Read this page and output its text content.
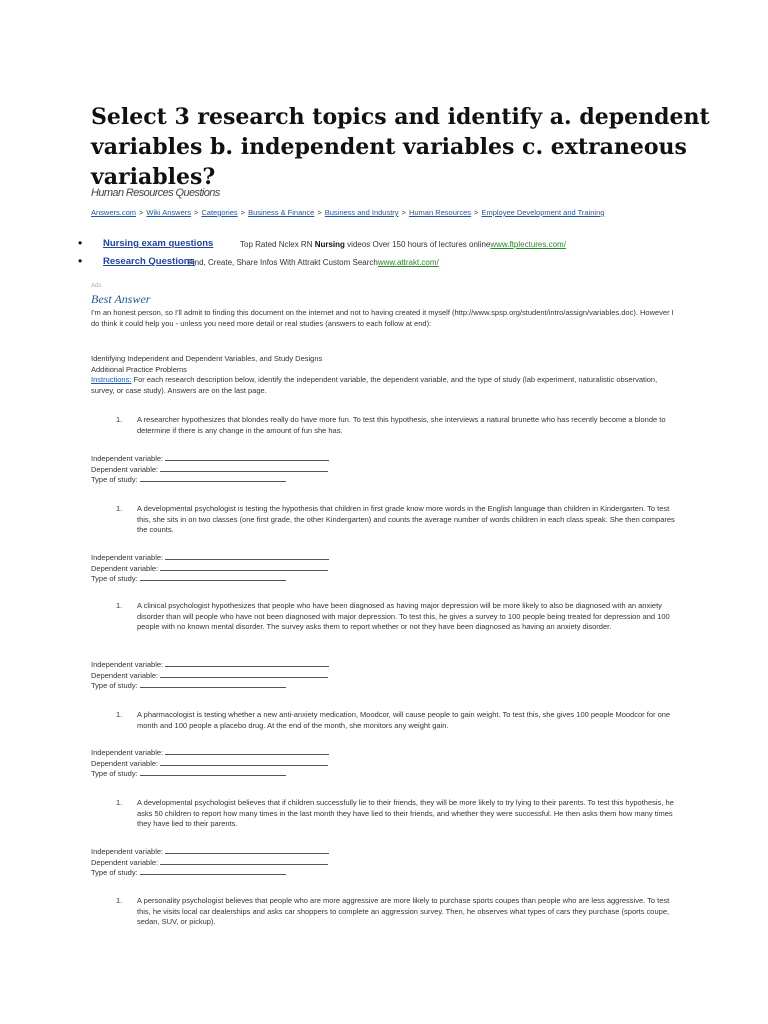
Select 3 research topics and identify a. dependent variables b. independent variables c. extraneous variables?
Human Resources Questions
Answers.com > Wiki Answers > Categories > Business & Finance > Business and Industry > Human Resources > Employee Development and Training
• Nursing exam questions	Top Rated Nclex RN Nursing videos Over 150 hours of lectures onlinewww.ftplectures.com/
• Research Questions
Find, Create, Share Infos With Attrakt Custom Searchwww.attrakt.com/
Ads
Best Answer
I'm an honest person, so I'll admit to finding this document on the internet and not to having created it myself (http://www.spsp.org/student/intro/assign/variables.doc). However I do think it could help you - unless you need more detail or real studies (answers to each follow at end):
Identifying Independent and Dependent Variables, and Study Designs
Additional Practice Problems
Instructions: For each research description below, identify the independent variable, the dependent variable, and the type of study (lab experiment, naturalistic observation, survey, or case study). Answers are on the last page.
1. A researcher hypothesizes that blondes really do have more fun. To test this hypothesis, she interviews a natural brunette who has recently become a blonde to determine if there is any change in the amount of fun she has.
Independent variable:
Dependent variable:
Type of study:
1. A developmental psychologist is testing the hypothesis that children in first grade know more words in the English language than children in Kindergarten. To test this, she sits in on two classes (one first grade, the other Kindergarten) and counts the average number of words children in each class speak. She then compares the counts.
Independent variable:
Dependent variable:
Type of study:
1. A clinical psychologist hypothesizes that people who have been diagnosed as having major depression will be more likely to also be diagnosed with an anxiety disorder than will people who have not been diagnosed with major depression. To test this, he gives a survey to 100 people being treated for depression and 100 people with no known mental disorder. The survey asks them to report whether or not they have been diagnosed as having an anxiety disorder.
Independent variable:
Dependent variable:
Type of study:
1. A pharmacologist is testing whether a new anti-anxiety medication, Moodcor, will cause people to gain weight. To test this, she gives 100 people Moodcor for one month and 100 people a placebo drug. At the end of the month, she monitors any weight gain.
Independent variable:
Dependent variable:
Type of study:
1. A developmental psychologist believes that if children successfully lie to their friends, they will be more likely to try lying to their parents. To test this hypothesis, he asks 50 children to report how many times in the last month they have lied to their friends, and whether they were successful. He then asks them how many times they have lied to their parents.
Independent variable:
Dependent variable:
Type of study:
1. A personality psychologist believes that people who are more aggressive are more likely to purchase sports coupes than people who are less aggressive. To test this, he visits local car dealerships and asks car shoppers to complete an aggression survey. Then, he observes what types of cars they purchase (sports coupe, sedan, SUV, or pickup).
